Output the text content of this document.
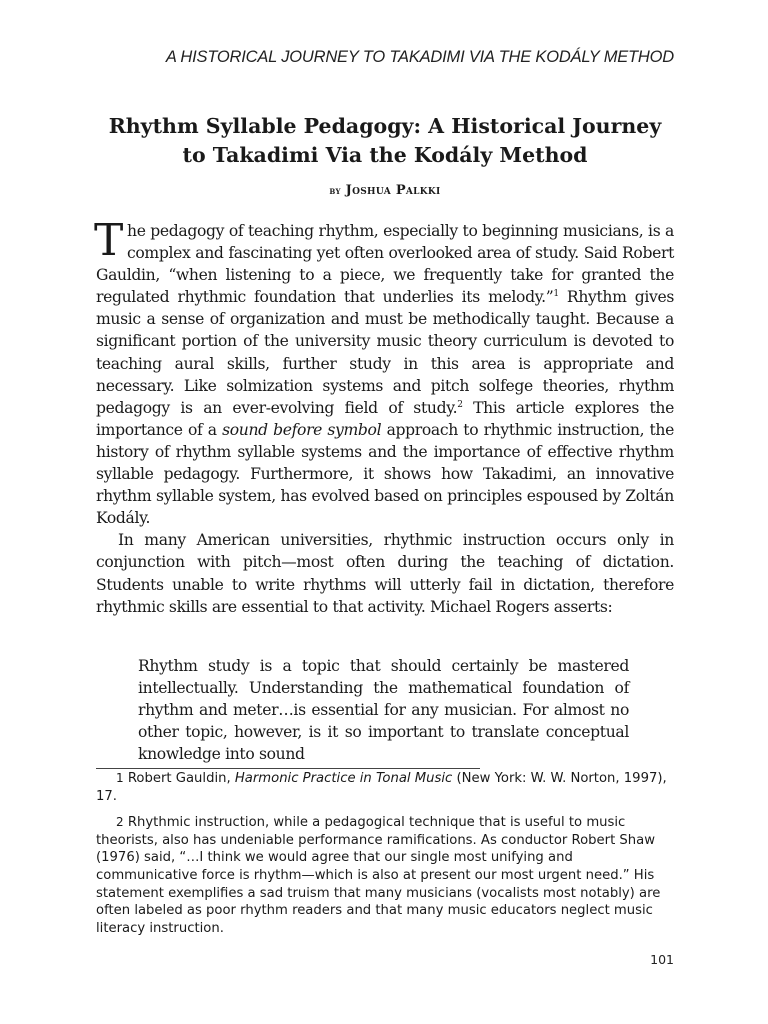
A HISTORICAL JOURNEY TO TAKADIMI VIA THE KODÁLY METHOD
Rhythm Syllable Pedagogy: A Historical Journey
to Takadimi Via the Kodály Method
by Joshua Palkki

The pedagogy of teaching rhythm, especially to beginning musicians, is a complex and fascinating yet often overlooked area of study. Said Robert Gauldin, “when listening to a piece, we frequently take for granted the regulated rhythmic foundation that underlies its melody.”$^1$ Rhythm gives music a sense of organization and must be methodically taught. Because a significant portion of the university music theory curriculum is devoted to teaching aural skills, further study in this area is appropriate and necessary. Like solmization systems and pitch solfege theories, rhythm pedagogy is an ever-evolving field of study.$^2$ This article explores the importance of a sound before symbol approach to rhythmic instruction, the history of rhythm syllable systems and the importance of effective rhythm syllable pedagogy. Furthermore, it shows how Takadimi, an innovative rhythm syllable system, has evolved based on principles espoused by Zoltán Kodály.

In many American universities, rhythmic instruction occurs only in conjunction with pitch—most often during the teaching of dictation. Students unable to write rhythms will utterly fail in dictation, therefore rhythmic skills are essential to that activity. Michael Rogers asserts:

Rhythm study is a topic that should certainly be mastered intellectually. Understanding the mathematical foundation of rhythm and meter…is essential for any musician. For almost no other topic, however, is it so important to translate conceptual knowledge into sound

1 Robert Gauldin, Harmonic Practice in Tonal Music (New York: W. W. Norton, 1997), 17.

2 Rhythmic instruction, while a pedagogical technique that is useful to music theorists, also has undeniable performance ramifications. As conductor Robert Shaw (1976) said, “…I think we would agree that our single most unifying and communicative force is rhythm—which is also at present our most urgent need.” His statement exemplifies a sad truism that many musicians (vocalists most notably) are often labeled as poor rhythm readers and that many music educators neglect music literacy instruction.

101
